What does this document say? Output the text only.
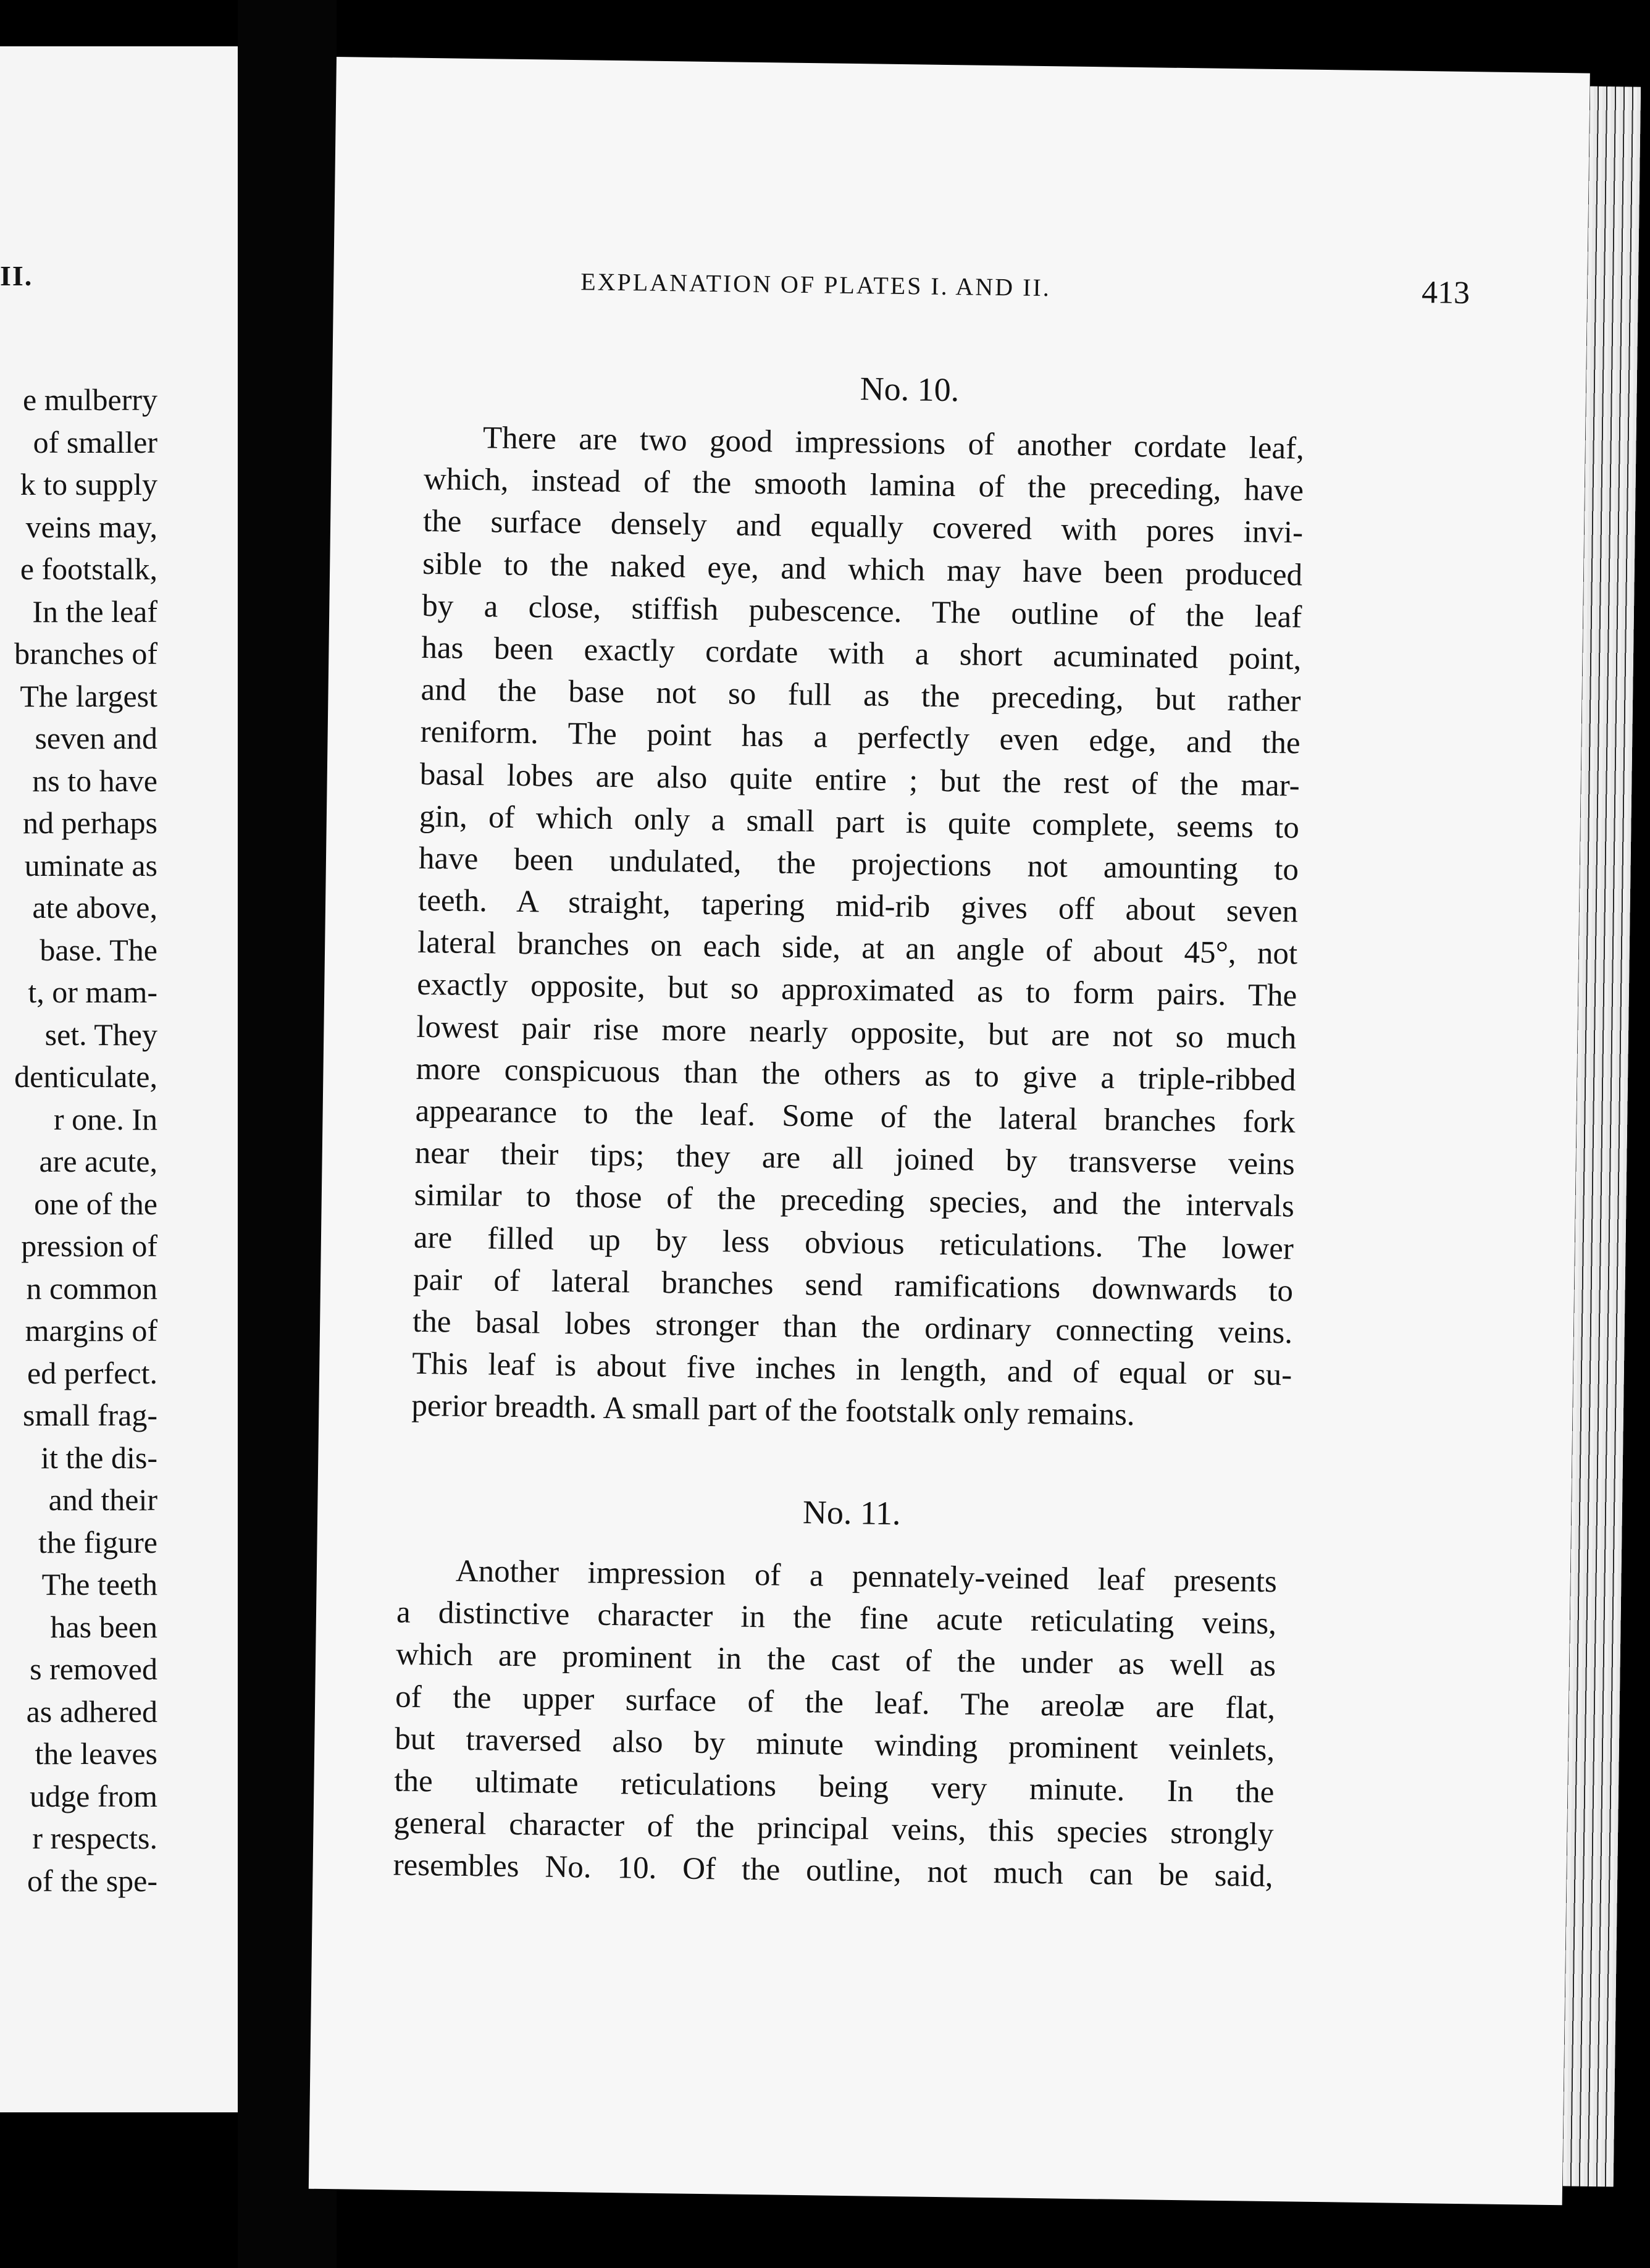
II.
e mulberry
of smaller
k to supply
veins may,
e footstalk,
In the leaf
branches of
The largest
seven and
ns to have
nd perhaps
uminate as
ate above,
base. The
t, or mam-
set. They
denticulate,
r one. In
are acute,
one of the
pression of
n common
margins of
ed perfect.
small frag-
it the dis-
and their
the figure
The teeth
has been
s removed
as adhered
the leaves
udge from
r respects.
of the spe-
EXPLANATION OF PLATES I. AND II.	413
No. 10.
There are two good impressions of another cordate leaf,
which, instead of the smooth lamina of the preceding, have
the surface densely and equally covered with pores invi-
sible to the naked eye, and which may have been produced
by a close, stiffish pubescence. The outline of the leaf
has been exactly cordate with a short acuminated point,
and the base not so full as the preceding, but rather
reniform. The point has a perfectly even edge, and the
basal lobes are also quite entire ; but the rest of the mar-
gin, of which only a small part is quite complete, seems to
have been undulated, the projections not amounting to
teeth. A straight, tapering mid-rib gives off about seven
lateral branches on each side, at an angle of about 45°, not
exactly opposite, but so approximated as to form pairs. The
lowest pair rise more nearly opposite, but are not so much
more conspicuous than the others as to give a triple-ribbed
appearance to the leaf. Some of the lateral branches fork
near their tips; they are all joined by transverse veins
similar to those of the preceding species, and the intervals
are filled up by less obvious reticulations. The lower
pair of lateral branches send ramifications downwards to
the basal lobes stronger than the ordinary connecting veins.
This leaf is about five inches in length, and of equal or su-
perior breadth. A small part of the footstalk only remains.
No. 11.
Another impression of a pennately-veined leaf presents
a distinctive character in the fine acute reticulating veins,
which are prominent in the cast of the under as well as
of the upper surface of the leaf. The areolæ are flat,
but traversed also by minute winding prominent veinlets,
the ultimate reticulations being very minute. In the
general character of the principal veins, this species strongly
resembles No. 10. Of the outline, not much can be said,
